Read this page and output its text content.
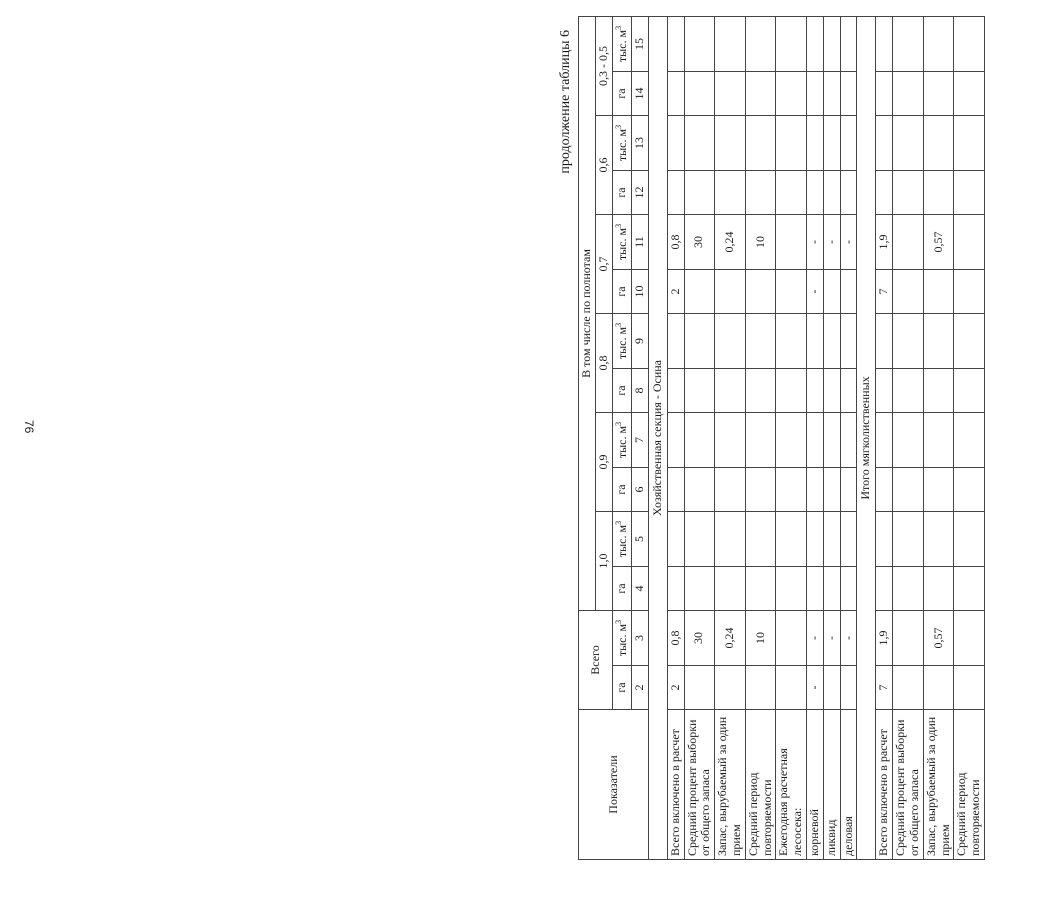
76
продолжение таблицы 6
Показатели	Всего		В том числе по полнотам											
			1,0		0,9		0,8		0,7		0,6		0,3 - 0,5	
	га	тыс. $м^3$	га	тыс. $м^3$	га	тыс. $м^3$	га	тыс. $м^3$	га	тыс. $м^3$	га	тыс. $м^3$	га	тыс. $м^3$
	2	3	4	5	6	7	8	9	10	11	12	13	14	15
Хозяйственная секция - Осина														
Всего включено в расчет	2	0,8							2	0,8				
Средний процент выборки от общего запаса		30								30				
Запас, вырубаемый за один прием		0,24								0,24				
Средний период повторяемости		10								10				
Ежегодная расчетная лесосека:														
корневой	-	-							-	-				
ликвид		-								-				
деловая		-								-				
Итого мягколиственных														
Всего включено в расчет	7	1,9							7	1,9				
Средний процент выборки от общего запаса														
Запас, вырубаемый за один прием		0,57								0,57				
Средний период повторяемости														
